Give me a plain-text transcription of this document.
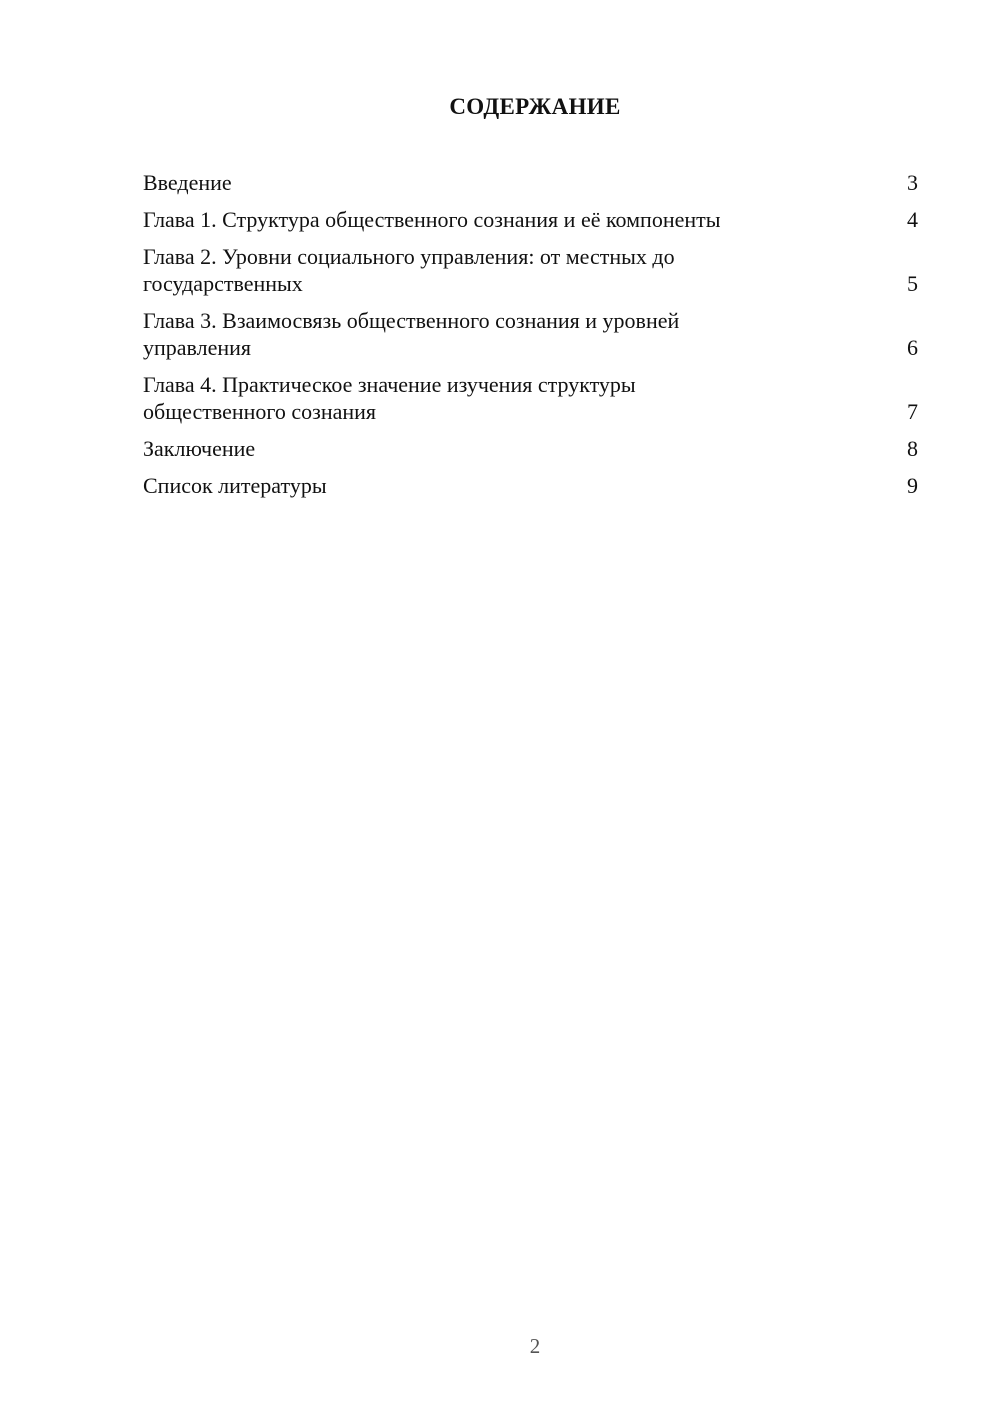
СОДЕРЖАНИЕ
Введение	3
Глава 1. Структура общественного сознания и её компоненты	4
Глава 2. Уровни социального управления: от местных до государственных	5
Глава 3. Взаимосвязь общественного сознания и уровней управления	6
Глава 4. Практическое значение изучения структуры общественного сознания	7
Заключение	8
Список литературы	9
2
